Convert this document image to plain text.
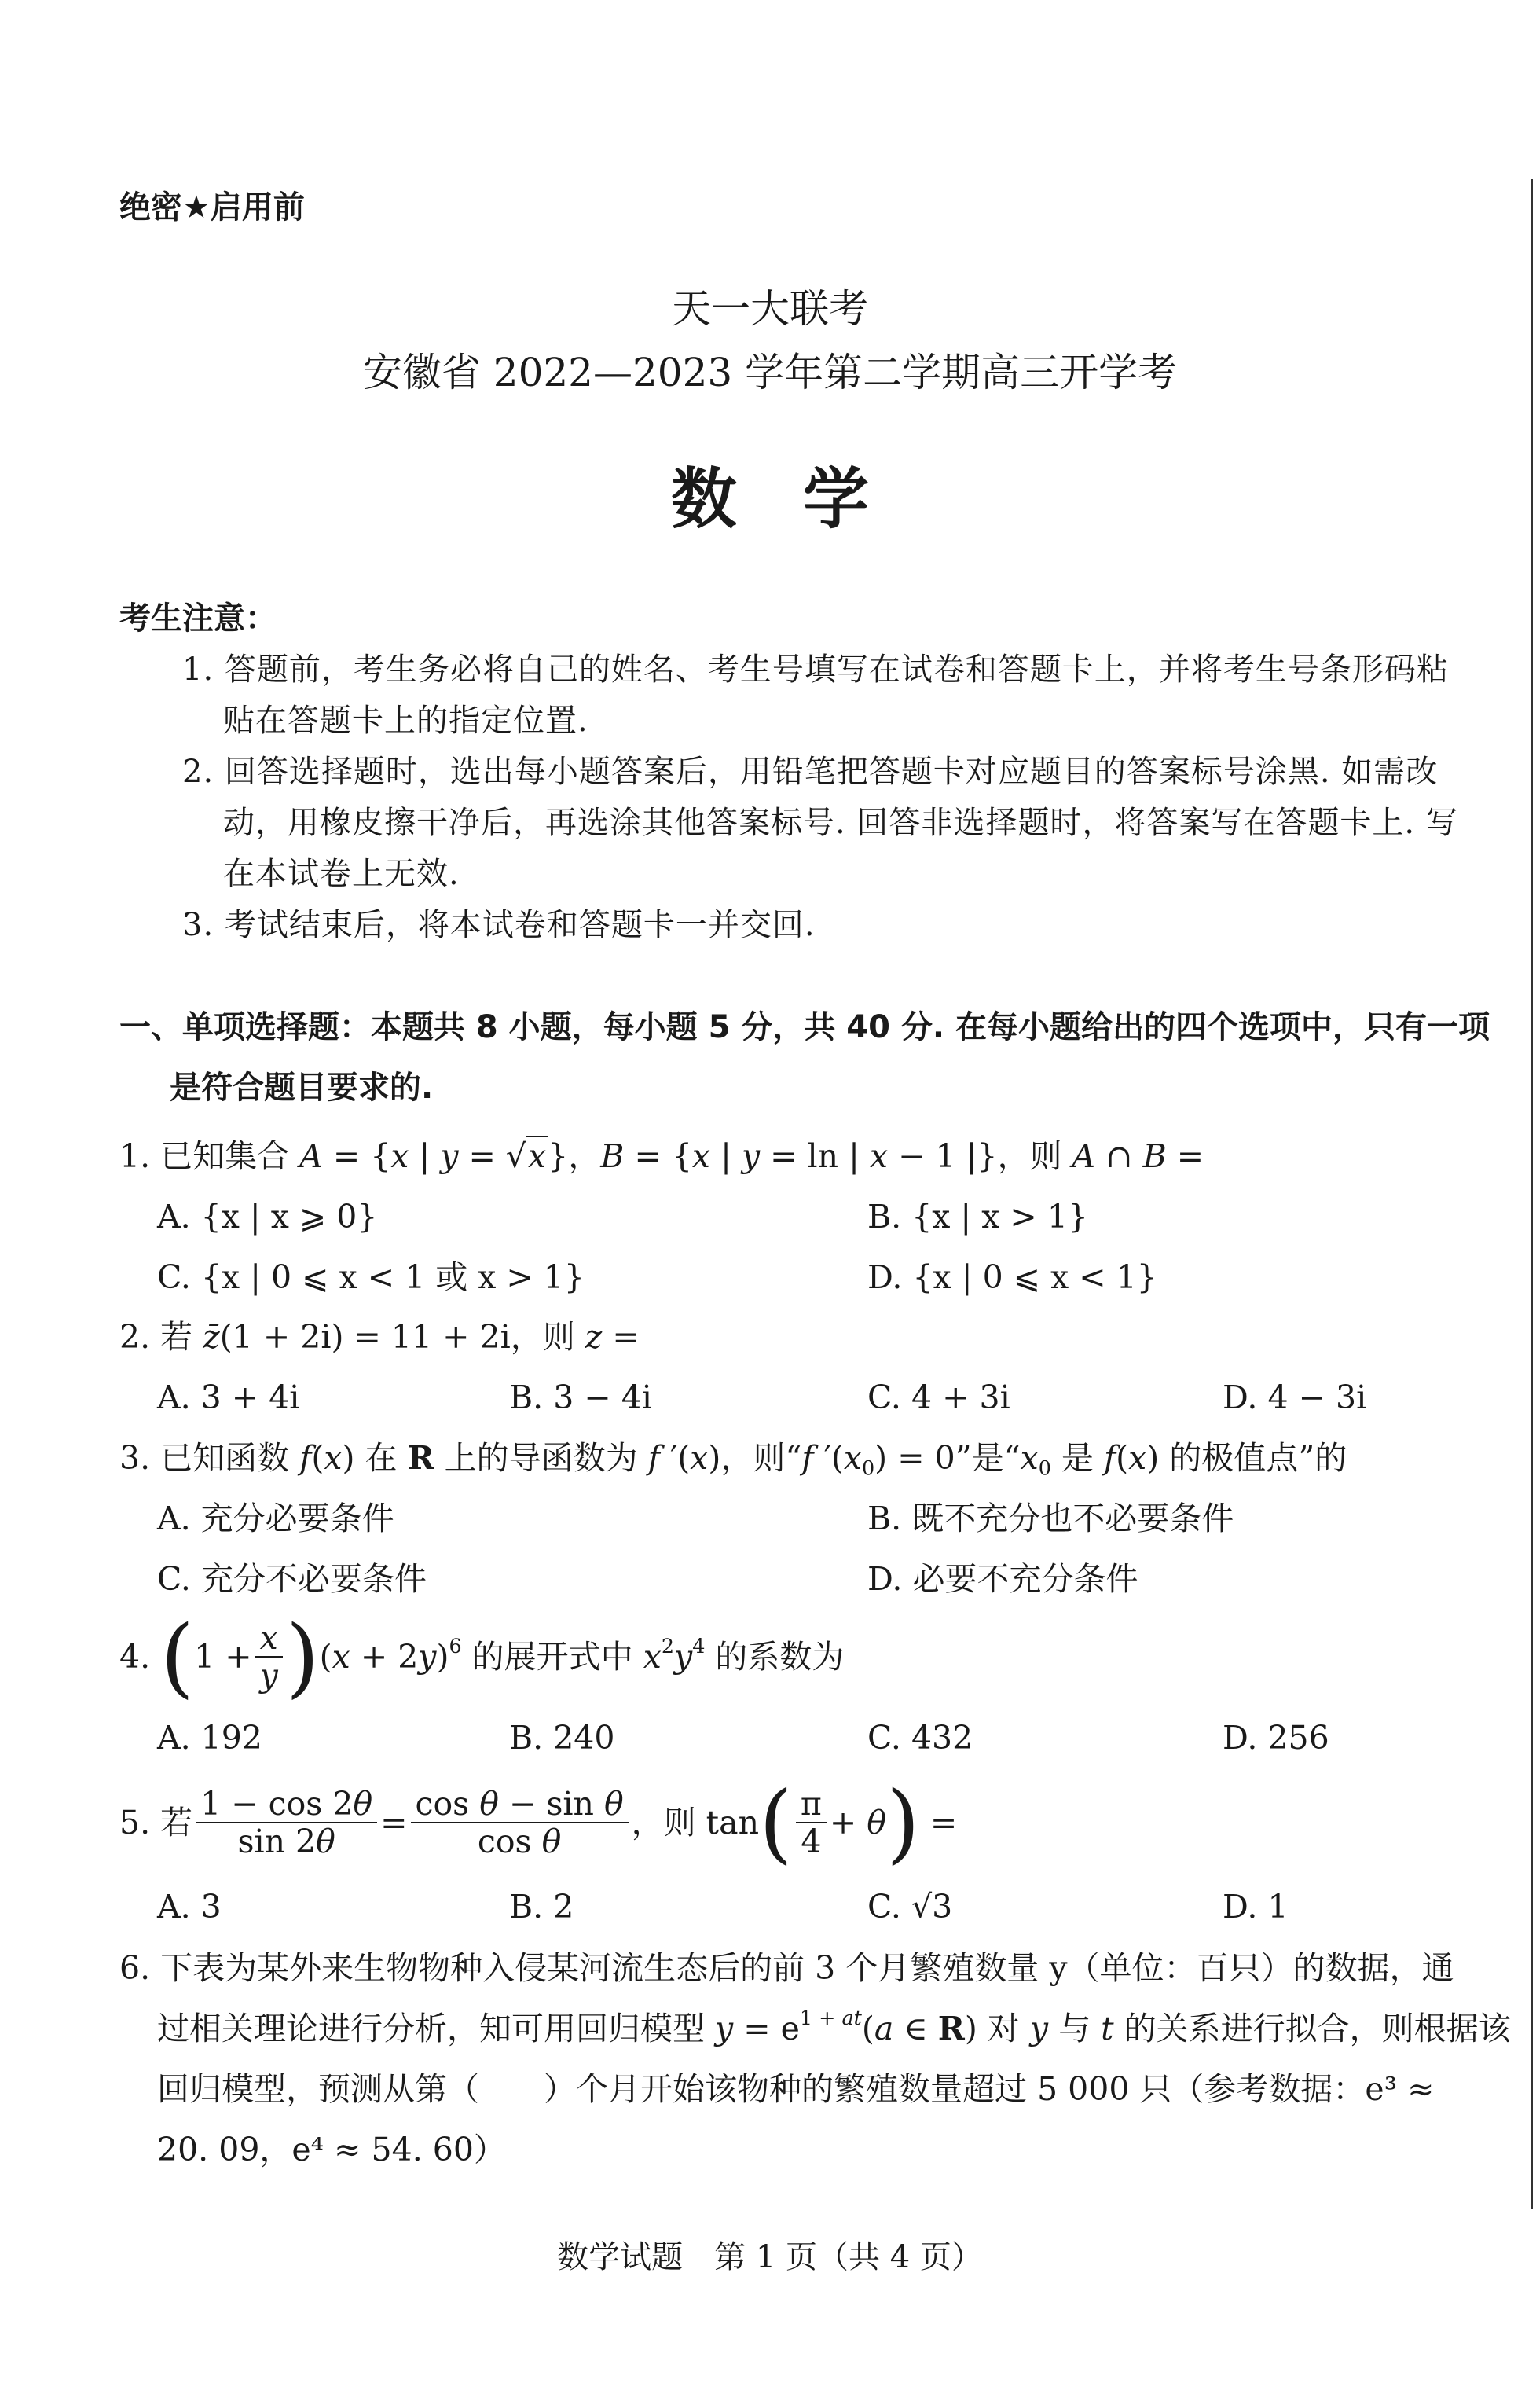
绝密★启用前
天一大联考
安徽省 2022—2023 学年第二学期高三开学考
数　学
考生注意：
1. 答题前，考生务必将自己的姓名、考生号填写在试卷和答题卡上，并将考生号条形码粘
贴在答题卡上的指定位置.
2. 回答选择题时，选出每小题答案后，用铅笔把答题卡对应题目的答案标号涂黑. 如需改
动，用橡皮擦干净后，再选涂其他答案标号. 回答非选择题时，将答案写在答题卡上. 写
在本试卷上无效.
3. 考试结束后，将本试卷和答题卡一并交回.
一、单项选择题：本题共 8 小题，每小题 5 分，共 40 分. 在每小题给出的四个选项中，只有一项
是符合题目要求的.
1. 已知集合 A = {x | y = √x}，B = {x | y = ln | x − 1 |}，则 A ∩ B =
A. {x | x ⩾ 0}	B. {x | x > 1}
C. {x | 0 ⩽ x < 1 或 x > 1}	D. {x | 0 ⩽ x < 1}
2. 若 z̄(1 + 2i) = 11 + 2i，则 z =
A. 3 + 4i	B. 3 − 4i	C. 4 + 3i	D. 4 − 3i
3. 已知函数 f(x) 在 R 上的导函数为 f ′(x)，则“f $'(x_0) = 0$”是“$x_0$ 是 f(x) 的极值点”的
A. 充分必要条件	B. 既不充分也不必要条件
C. 充分不必要条件	D. 必要不充分条件
4. ( $1 + \frac{x}{y}$ ) $(x + 2y)^6$ 的展开式中 $x^2y^4$ 的系数为
A. 192	B. 240	C. 432	D. 256
5. 若 $\frac{1 - \cos 2\theta}{\sin 2\theta} = \frac{\text{cos θ − sin θ}}{\text{cos θ}}$ ，则 tan ( $\frac{\pi}{4} + \theta$ ) =
A. 3	B. 2	C. √3	D. 1
6. 下表为某外来生物物种入侵某河流生态后的前 3 个月繁殖数量 y（单位：百只）的数据，通
过相关理论进行分析，知可用回归模型 $y = e^{1 + at}(a$ ∈ R) 对 y 与 t 的关系进行拟合，则根据该
回归模型，预测从第（　　）个月开始该物种的繁殖数量超过 5 000 只（参考数据：e³ ≈
20. 09，e⁴ ≈ 54. 60）
数学试题　第 1 页（共 4 页）
